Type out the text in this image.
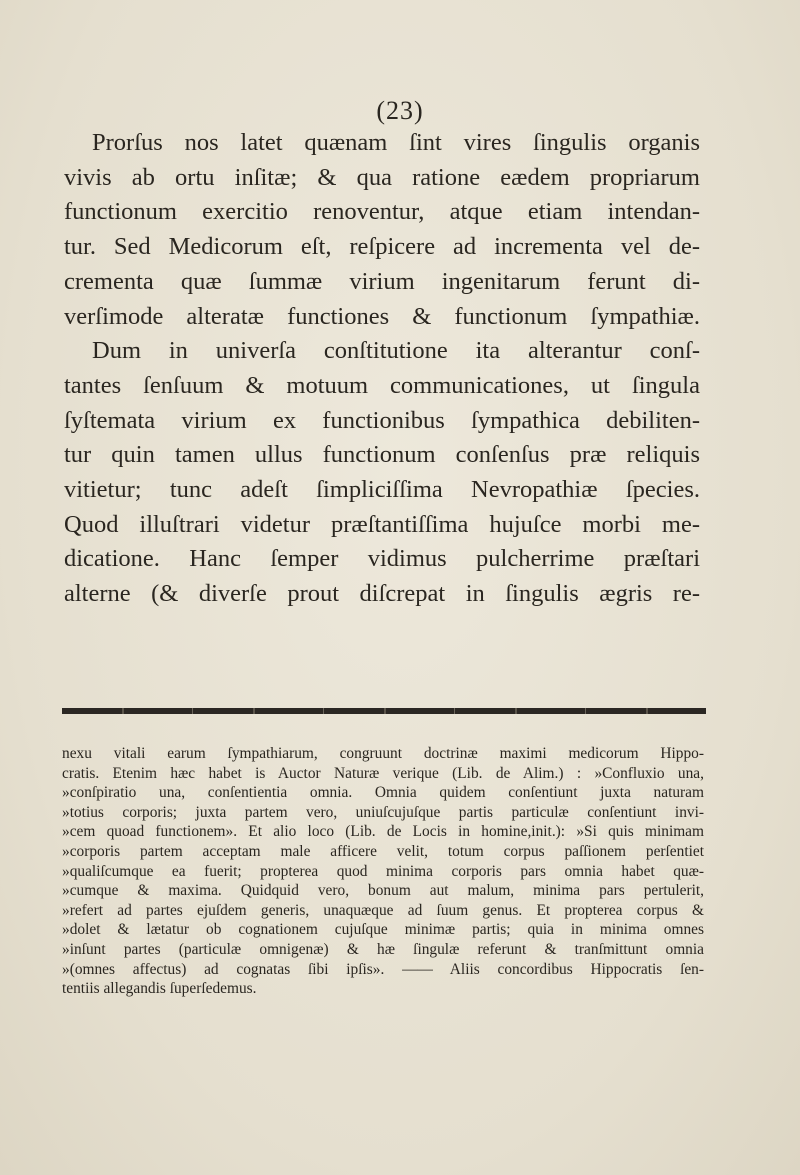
(23)
Prorſus nos latet quænam ſint vires ſingulis organis
vivis ab ortu inſitæ; & qua ratione eædem propriarum
functionum exercitio renoventur, atque etiam intendan-
tur. Sed Medicorum eſt, reſpicere ad incrementa vel de-
crementa quæ ſummæ virium ingenitarum ferunt di-
verſimode alteratæ functiones & functionum ſympathiæ.
Dum in univerſa conſtitutione ita alterantur conſ-
tantes ſenſuum & motuum communicationes, ut ſingula
ſyſtemata virium ex functionibus ſympathica debiliten-
tur quin tamen ullus functionum conſenſus præ reliquis
vitietur; tunc adeſt ſimpliciſſima Nevropathiæ ſpecies.
Quod illuſtrari videtur præſtantiſſima hujuſce morbi me-
dicatione. Hanc ſemper vidimus pulcherrime præſtari
alterne (& diverſe prout diſcrepat in ſingulis ægris re-
nexu vitali earum ſympathiarum, congruunt doctrinæ maximi medicorum Hippo-
cratis. Etenim hæc habet is Auctor Naturæ verique (Lib. de Alim.) : »Confluxio una,
»conſpiratio una, conſentientia omnia. Omnia quidem conſentiunt juxta naturam
»totius corporis; juxta partem vero, uniuſcujuſque partis particulæ conſentiunt invi-
»cem quoad functionem». Et alio loco (Lib. de Locis in homine,init.): »Si quis minimam
»corporis partem acceptam male afficere velit, totum corpus paſſionem perſentiet
»qualiſcumque ea fuerit; propterea quod minima corporis pars omnia habet quæ-
»cumque & maxima. Quidquid vero, bonum aut malum, minima pars pertulerit,
»refert ad partes ejuſdem generis, unaquæque ad ſuum genus. Et propterea corpus &
»dolet & lætatur ob cognationem cujuſque minimæ partis; quia in minima omnes
»inſunt partes (particulæ omnigenæ) & hæ ſingulæ referunt & tranſmittunt omnia
»(omnes affectus) ad cognatas ſibi ipſis». —— Aliis concordibus Hippocratis ſen-
tentiis allegandis ſuperſedemus.
